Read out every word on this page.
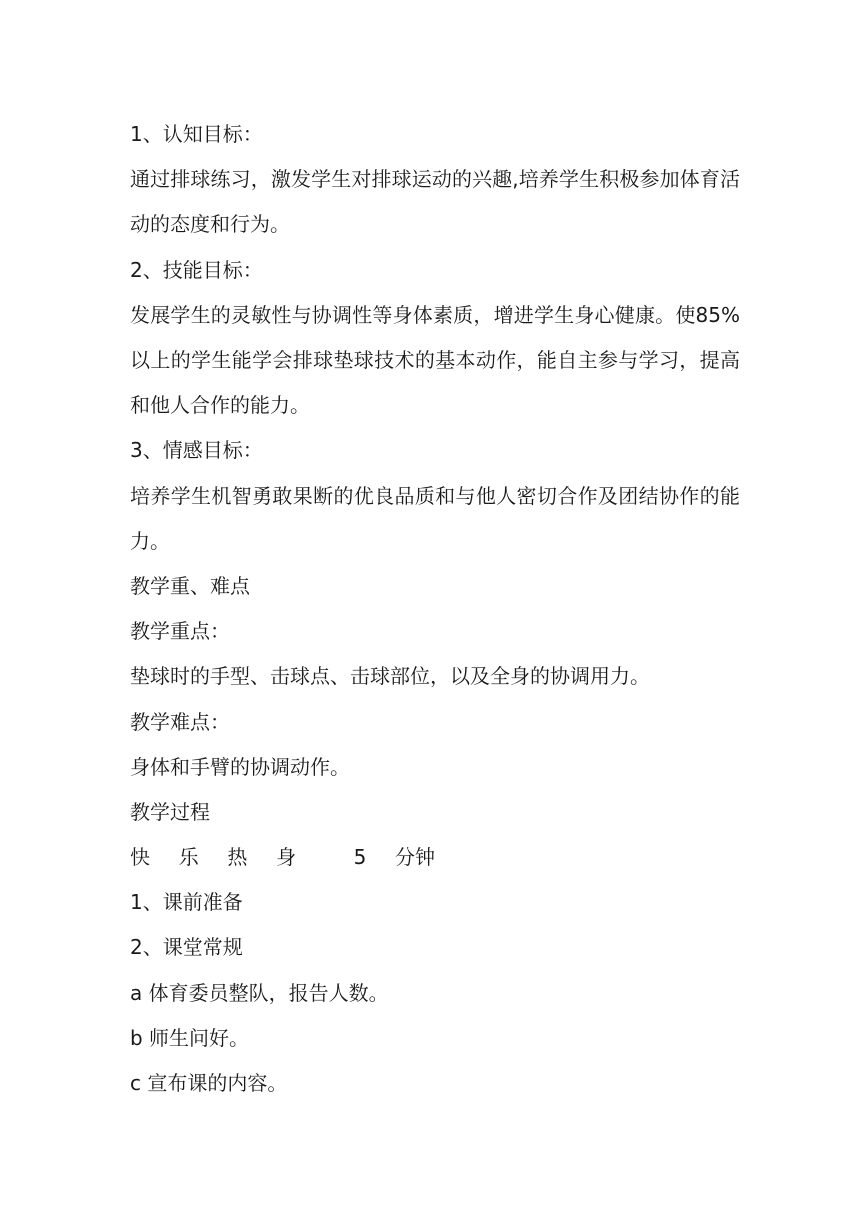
1、认知目标：
通过排球练习，激发学生对排球运动的兴趣,培养学生积极参加体育活动的态度和行为。
2、技能目标：
发展学生的灵敏性与协调性等身体素质，增进学生身心健康。使85%以上的学生能学会排球垫球技术的基本动作，能自主参与学习，提高和他人合作的能力。
3、情感目标：
培养学生机智勇敢果断的优良品质和与他人密切合作及团结协作的能力。
教学重、难点
教学重点：
垫球时的手型、击球点、击球部位，以及全身的协调用力。
教学难点：
身体和手臂的协调动作。
教学过程
快  乐  热  身    5  分钟
1、课前准备
2、课堂常规
a 体育委员整队，报告人数。
b 师生问好。
c 宣布课的内容。
